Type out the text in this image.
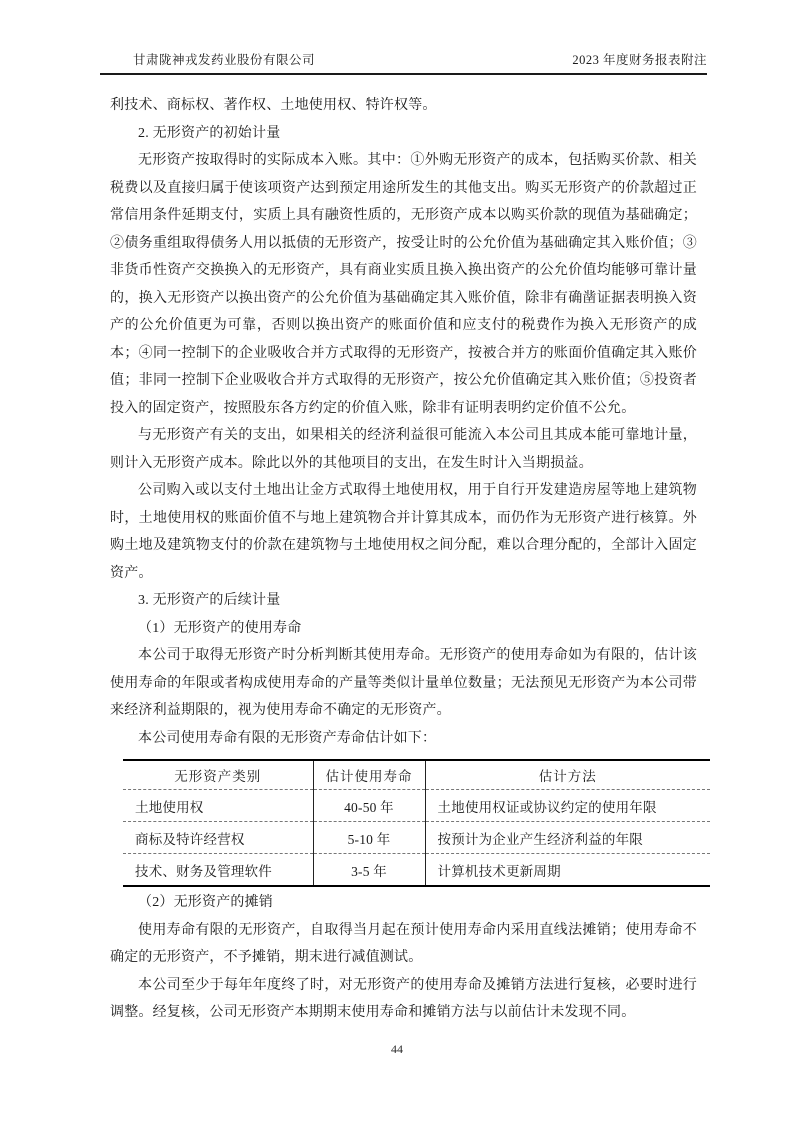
甘肃陇神戎发药业股份有限公司	2023 年度财务报表附注

利技术、商标权、著作权、土地使用权、特许权等。

2. 无形资产的初始计量

无形资产按取得时的实际成本入账。其中：①外购无形资产的成本，包括购买价款、相关税费以及直接归属于使该项资产达到预定用途所发生的其他支出。购买无形资产的价款超过正常信用条件延期支付，实质上具有融资性质的，无形资产成本以购买价款的现值为基础确定；②债务重组取得债务人用以抵债的无形资产，按受让时的公允价值为基础确定其入账价值；③非货币性资产交换换入的无形资产，具有商业实质且换入换出资产的公允价值均能够可靠计量的，换入无形资产以换出资产的公允价值为基础确定其入账价值，除非有确凿证据表明换入资产的公允价值更为可靠，否则以换出资产的账面价值和应支付的税费作为换入无形资产的成本；④同一控制下的企业吸收合并方式取得的无形资产，按被合并方的账面价值确定其入账价值；非同一控制下企业吸收合并方式取得的无形资产，按公允价值确定其入账价值；⑤投资者投入的固定资产，按照股东各方约定的价值入账，除非有证明表明约定价值不公允。

与无形资产有关的支出，如果相关的经济利益很可能流入本公司且其成本能可靠地计量，则计入无形资产成本。除此以外的其他项目的支出，在发生时计入当期损益。

公司购入或以支付土地出让金方式取得土地使用权，用于自行开发建造房屋等地上建筑物时，土地使用权的账面价值不与地上建筑物合并计算其成本，而仍作为无形资产进行核算。外购土地及建筑物支付的价款在建筑物与土地使用权之间分配，难以合理分配的，全部计入固定资产。

3. 无形资产的后续计量

（1）无形资产的使用寿命

本公司于取得无形资产时分析判断其使用寿命。无形资产的使用寿命如为有限的，估计该使用寿命的年限或者构成使用寿命的产量等类似计量单位数量；无法预见无形资产为本公司带来经济利益期限的，视为使用寿命不确定的无形资产。

本公司使用寿命有限的无形资产寿命估计如下：

无形资产类别	估计使用寿命	估计方法
土地使用权	40-50 年	土地使用权证或协议约定的使用年限
商标及特许经营权	5-10 年	按预计为企业产生经济利益的年限
技术、财务及管理软件	3-5 年	计算机技术更新周期

（2）无形资产的摊销

使用寿命有限的无形资产，自取得当月起在预计使用寿命内采用直线法摊销；使用寿命不确定的无形资产，不予摊销，期末进行减值测试。

本公司至少于每年年度终了时，对无形资产的使用寿命及摊销方法进行复核，必要时进行调整。经复核，公司无形资产本期期末使用寿命和摊销方法与以前估计未发现不同。

44
